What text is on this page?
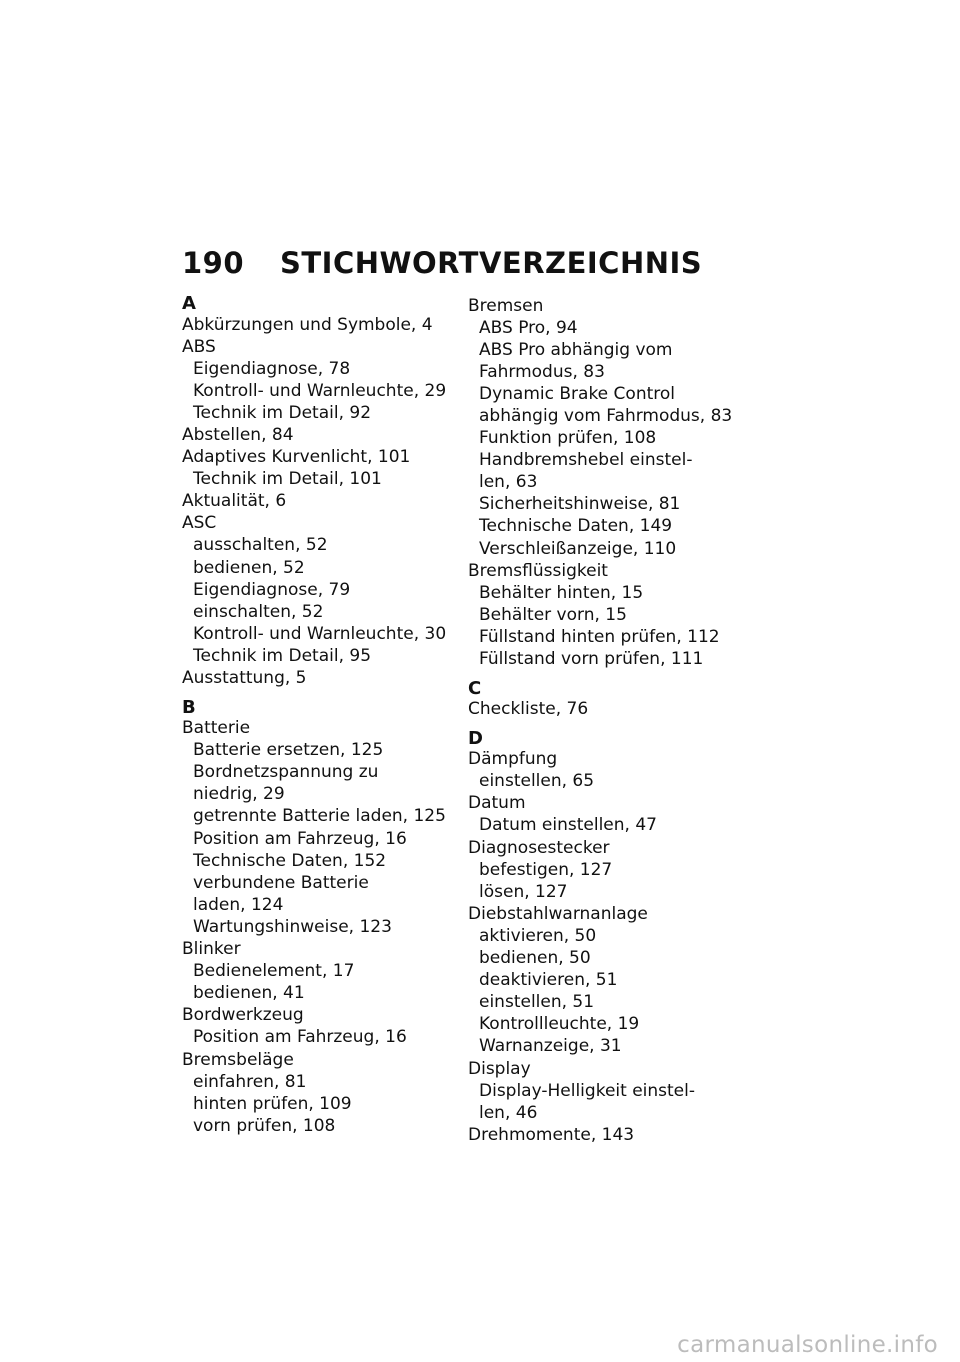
190	STICHWORTVERZEICHNIS
A
Abkürzungen und Symbole, 4
ABS
Eigendiagnose, 78
Kontroll- und Warnleuchte, 29
Technik im Detail, 92
Abstellen, 84
Adaptives Kurvenlicht, 101
Technik im Detail, 101
Aktualität, 6
ASC
ausschalten, 52
bedienen, 52
Eigendiagnose, 79
einschalten, 52
Kontroll- und Warnleuchte, 30
Technik im Detail, 95
Ausstattung, 5
B
Batterie
Batterie ersetzen, 125
Bordnetzspannung zu
niedrig, 29
getrennte Batterie laden, 125
Position am Fahrzeug, 16
Technische Daten, 152
verbundene Batterie
laden, 124
Wartungshinweise, 123
Blinker
Bedienelement, 17
bedienen, 41
Bordwerkzeug
Position am Fahrzeug, 16
Bremsbeläge
einfahren, 81
hinten prüfen, 109
vorn prüfen, 108
Bremsen
ABS Pro, 94
ABS Pro abhängig vom
Fahrmodus, 83
Dynamic Brake Control
abhängig vom Fahrmodus, 83
Funktion prüfen, 108
Handbremshebel einstel-
len, 63
Sicherheitshinweise, 81
Technische Daten, 149
Verschleißanzeige, 110
Bremsflüssigkeit
Behälter hinten, 15
Behälter vorn, 15
Füllstand hinten prüfen, 112
Füllstand vorn prüfen, 111
C
Checkliste, 76
D
Dämpfung
einstellen, 65
Datum
Datum einstellen, 47
Diagnosestecker
befestigen, 127
lösen, 127
Diebstahlwarnanlage
aktivieren, 50
bedienen, 50
deaktivieren, 51
einstellen, 51
Kontrollleuchte, 19
Warnanzeige, 31
Display
Display-Helligkeit einstel-
len, 46
Drehmomente, 143
carmanualsonline.info
